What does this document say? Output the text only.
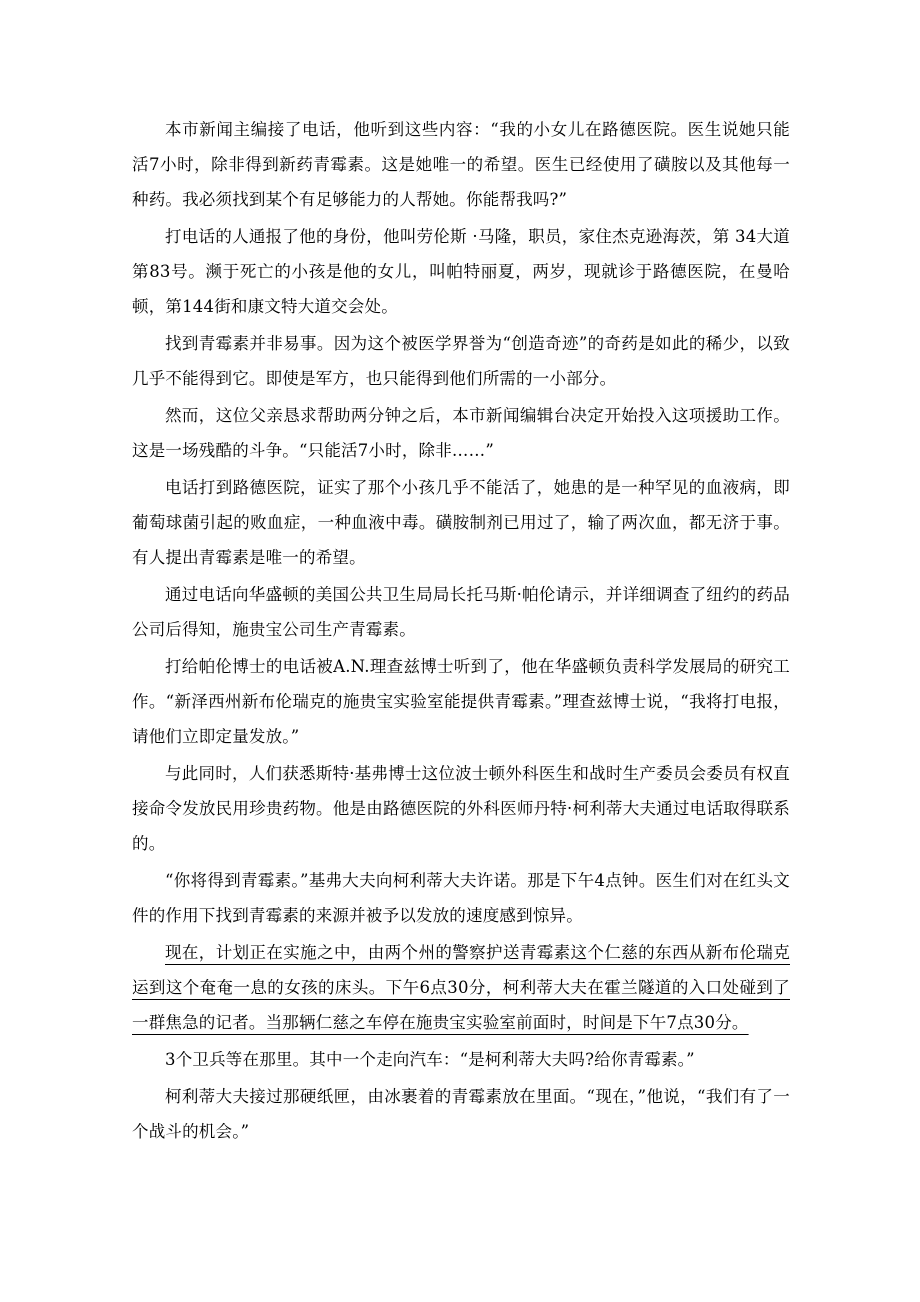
本市新闻主编接了电话，他听到这些内容：“我的小女儿在路德医院。医生说她只能活7小时，除非得到新药青霉素。这是她唯一的希望。医生已经使用了磺胺以及其他每一种药。我必须找到某个有足够能力的人帮她。你能帮我吗?”

打电话的人通报了他的身份，他叫劳伦斯 ·马隆，职员，家住杰克逊海茨，第 34大道第83号。濒于死亡的小孩是他的女儿，叫帕特丽夏，两岁，现就诊于路德医院，在曼哈顿，第144街和康文特大道交会处。

找到青霉素并非易事。因为这个被医学界誉为“创造奇迹”的奇药是如此的稀少，以致几乎不能得到它。即使是军方，也只能得到他们所需的一小部分。

然而，这位父亲恳求帮助两分钟之后，本市新闻编辑台决定开始投入这项援助工作。这是一场残酷的斗争。“只能活7小时，除非……”

电话打到路德医院，证实了那个小孩几乎不能活了，她患的是一种罕见的血液病，即葡萄球菌引起的败血症，一种血液中毒。磺胺制剂已用过了，输了两次血，都无济于事。有人提出青霉素是唯一的希望。

通过电话向华盛顿的美国公共卫生局局长托马斯·帕伦请示，并详细调查了纽约的药品公司后得知，施贵宝公司生产青霉素。

打给帕伦博士的电话被A.N.理查兹博士听到了，他在华盛顿负责科学发展局的研究工作。“新泽西州新布伦瑞克的施贵宝实验室能提供青霉素。”理查兹博士说，“我将打电报，请他们立即定量发放。”

与此同时，人们获悉斯特·基弗博士这位波士顿外科医生和战时生产委员会委员有权直接命令发放民用珍贵药物。他是由路德医院的外科医师丹特·柯利蒂大夫通过电话取得联系的。

“你将得到青霉素。”基弗大夫向柯利蒂大夫许诺。那是下午4点钟。医生们对在红头文件的作用下找到青霉素的来源并被予以发放的速度感到惊异。

现在，计划正在实施之中，由两个州的警察护送青霉素这个仁慈的东西从新布伦瑞克运到这个奄奄一息的女孩的床头。下午6点30分，柯利蒂大夫在霍兰隧道的入口处碰到了一群焦急的记者。当那辆仁慈之车停在施贵宝实验室前面时，时间是下午7点30分。

3个卫兵等在那里。其中一个走向汽车：“是柯利蒂大夫吗?给你青霉素。”

柯利蒂大夫接过那硬纸匣，由冰裹着的青霉素放在里面。“现在，”他说，“我们有了一个战斗的机会。”
